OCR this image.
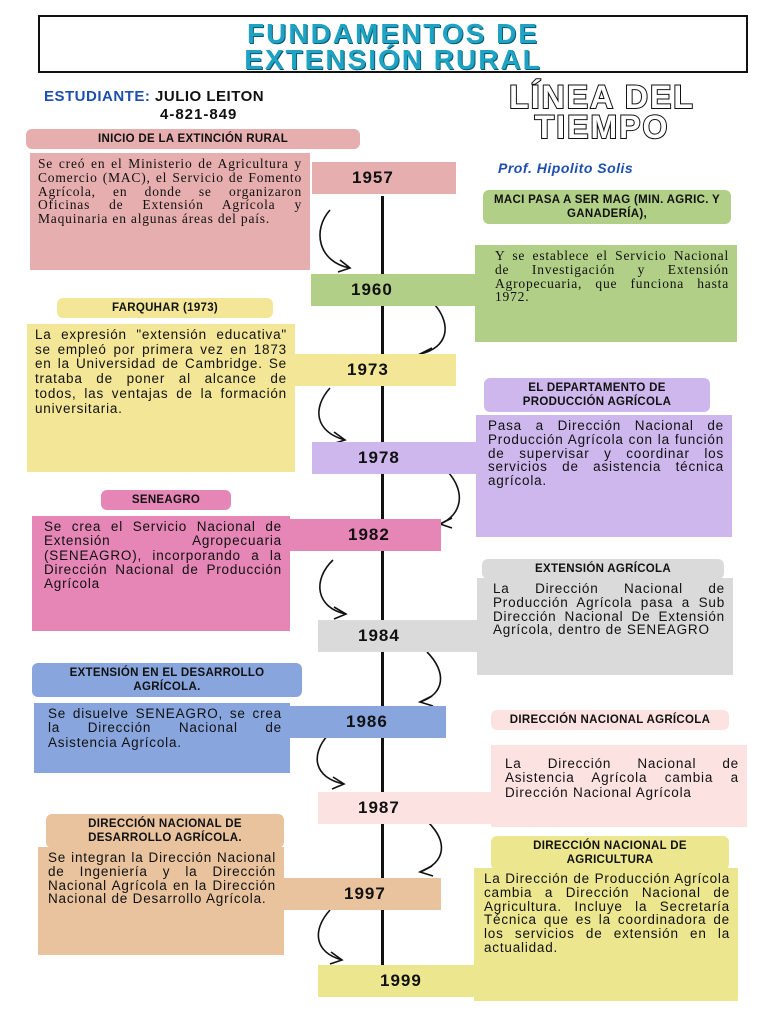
FUNDAMENTOS DE
EXTENSIÓN RURAL
ESTUDIANTE: JULIO LEITON
4-821-849	LÍNEA DEL
TIEMPO
Prof. Hipolito Solis
INICIO DE LA EXTINCIÓN RURAL
Se creó en el Ministerio de Agricultura y Comercio (MAC), el Servicio de Fomento Agrícola, en donde se organizaron Oficinas de Extensión Agrícola y Maquinaria en algunas áreas del país.
1957
MACI PASA A SER MAG (MIN. AGRIC. Y GANADERÍA),
1960
Y se establece el Servicio Nacional de Investigación y Extensión Agropecuaria, que funciona hasta 1972.
FARQUHAR (1973)
La expresión "extensión educativa" se empleó por primera vez en 1873 en la Universidad de Cambridge. Se trataba de poner al alcance de todos, las ventajas de la formación universitaria.
1973
EL DEPARTAMENTO DE PRODUCCIÓN AGRÍCOLA
Pasa a Dirección Nacional de Producción Agrícola con la función de supervisar y coordinar los servicios de asistencia técnica agrícola.
1978
SENEAGRO
Se crea el Servicio Nacional de Extensión Agropecuaria (SENEAGRO), incorporando a la Dirección Nacional de Producción Agrícola
1982
EXTENSIÓN AGRÍCOLA
La Dirección Nacional de Producción Agrícola pasa a Sub Dirección Nacional De Extensión Agrícola, dentro de SENEAGRO
1984
EXTENSIÓN EN EL DESARROLLO AGRÍCOLA.
Se disuelve SENEAGRO, se crea la Dirección Nacional de Asistencia Agrícola.
1986	DIRECCIÓN NACIONAL AGRÍCOLA
La Dirección Nacional de Asistencia Agrícola cambia a Dirección Nacional Agrícola
1987
DIRECCIÓN NACIONAL DE DESARROLLO AGRÍCOLA.
Se integran la Dirección Nacional de Ingeniería y la Dirección Nacional Agrícola en la Dirección Nacional de Desarrollo Agrícola.	1997
DIRECCIÓN NACIONAL DE AGRICULTURA
La Dirección de Producción Agrícola cambia a Dirección Nacional de Agricultura. Incluye la Secretaría Técnica que es la coordinadora de los servicios de extensión en la actualidad.
1999
